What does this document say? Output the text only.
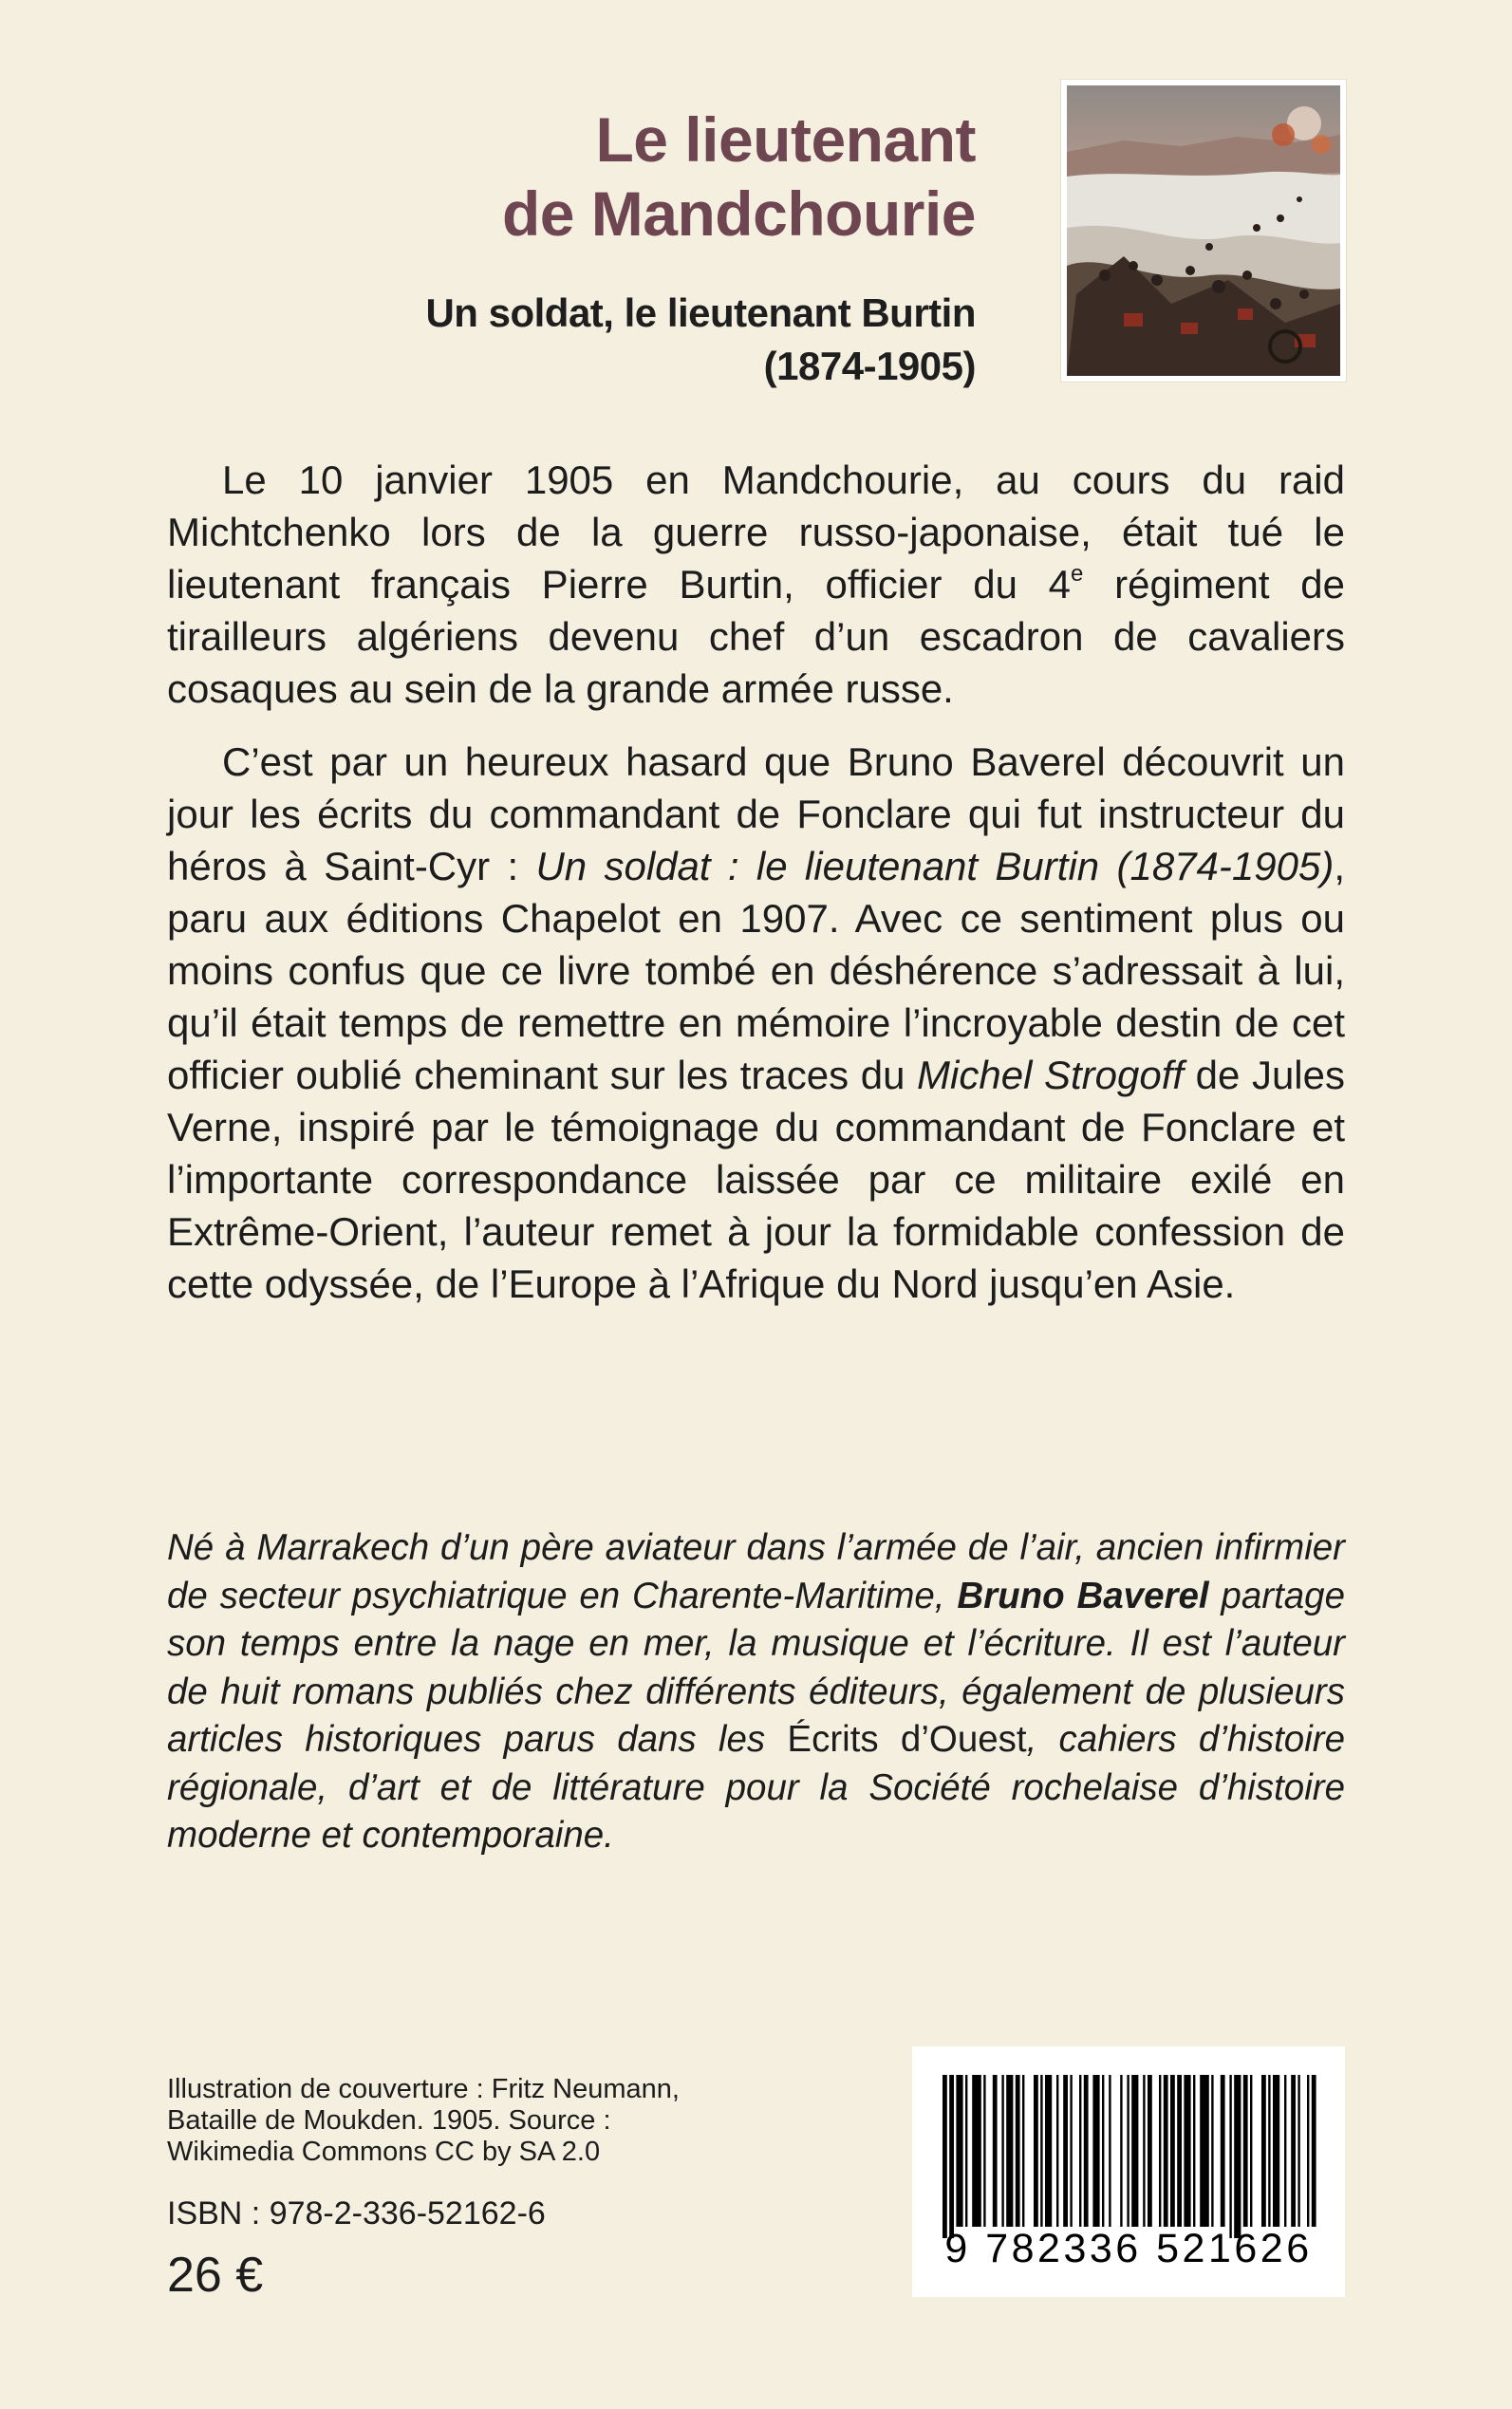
Le lieutenant
de Mandchourie
Un soldat, le lieutenant Burtin
(1874-1905)

Le 10 janvier 1905 en Mandchourie, au cours du raid Michtchenko lors de la guerre russo-japonaise, était tué le lieutenant français Pierre Burtin, officier du 4e régiment de tirailleurs algériens devenu chef d’un escadron de cavaliers cosaques au sein de la grande armée russe.

C’est par un heureux hasard que Bruno Baverel découvrit un jour les écrits du commandant de Fonclare qui fut instructeur du héros à Saint-Cyr : Un soldat : le lieutenant Burtin (1874-1905), paru aux éditions Chapelot en 1907. Avec ce sentiment plus ou moins confus que ce livre tombé en déshérence s’adressait à lui, qu’il était temps de remettre en mémoire l’incroyable destin de cet officier oublié cheminant sur les traces du Michel Strogoff de Jules Verne, inspiré par le témoignage du commandant de Fonclare et l’importante correspondance laissée par ce militaire exilé en Extrême-Orient, l’auteur remet à jour la formidable confession de cette odyssée, de l’Europe à l’Afrique du Nord jusqu’en Asie.

Né à Marrakech d’un père aviateur dans l’armée de l’air, ancien infirmier de secteur psychiatrique en Charente-Maritime, Bruno Baverel partage son temps entre la nage en mer, la musique et l’écriture. Il est l’auteur de huit romans publiés chez différents éditeurs, également de plusieurs articles historiques parus dans les Écrits d’Ouest, cahiers d’histoire régionale, d’art et de littérature pour la Société rochelaise d’histoire moderne et contemporaine.

Illustration de couverture : Fritz Neumann,
Bataille de Moukden. 1905. Source :
Wikimedia Commons CC by SA 2.0
ISBN : 978-2-336-52162-6
26 €	9 782336 521626
